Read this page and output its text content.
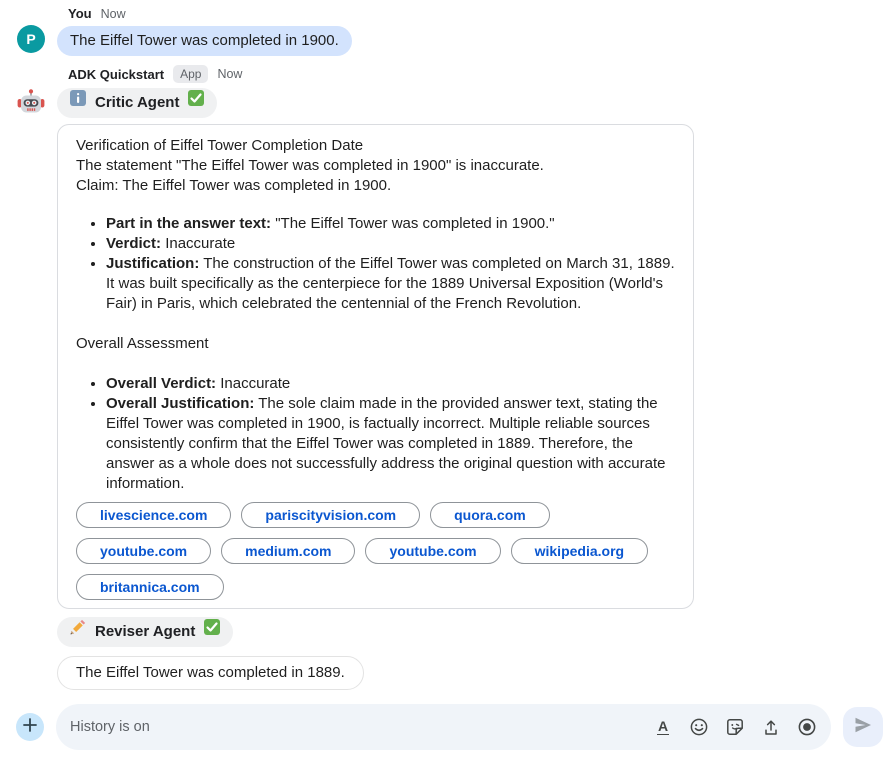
P
You Now
The Eiffel Tower was completed in 1900.
ADK Quickstart	App	Now
Critic Agent

Verification of Eiffel Tower Completion Date

The statement "The Eiffel Tower was completed in 1900" is inaccurate.

Claim: The Eiffel Tower was completed in 1900.

• Part in the answer text: "The Eiffel Tower was completed in 1900."
• Verdict: Inaccurate
• Justification: The construction of the Eiffel Tower was completed on March 31, 1889. It was built specifically as the centerpiece for the 1889 Universal Exposition (World's Fair) in Paris, which celebrated the centennial of the French Revolution.

Overall Assessment

• Overall Verdict: Inaccurate
• Overall Justification: The sole claim made in the provided answer text, stating the Eiffel Tower was completed in 1900, is factually incorrect. Multiple reliable sources consistently confirm that the Eiffel Tower was completed in 1889. Therefore, the answer as a whole does not successfully address the original question with accurate information.
livescience.com	pariscityvision.com	quora.com
youtube.com	medium.com	youtube.com	wikipedia.org
britannica.com
Reviser Agent
The Eiffel Tower was completed in 1889.
History is on	A
